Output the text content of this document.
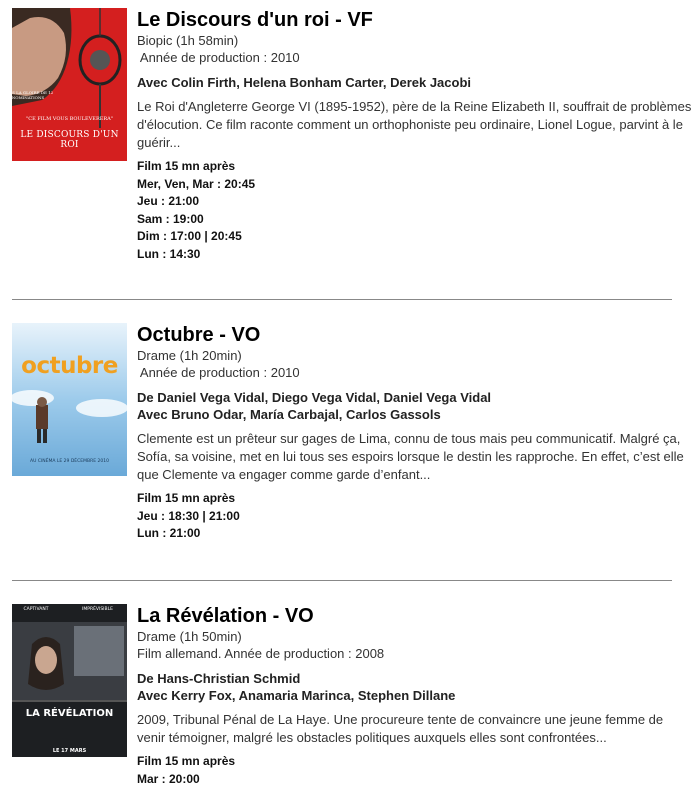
SOUS LA GLOIRE DE 12 NOMINATIONS
"CE FILM VOUS BOULEVERERA"
LE DISCOURS D'UN ROI
Le Discours d'un roi - VF
Biopic (1h 58min)
Année de production : 2010
Avec Colin Firth, Helena Bonham Carter, Derek Jacobi
Le Roi d'Angleterre George VI (1895-1952), père de la Reine Elizabeth II, souffrait de problèmes d'élocution. Ce film raconte comment un orthophoniste peu ordinaire, Lionel Logue, parvint à le guérir...
Film 15 mn après
Mer, Ven, Mar : 20:45
Jeu : 21:00
Sam : 19:00
Dim : 17:00 | 20:45
Lun : 14:30
octubre
AU CINÉMA LE 29 DÉCEMBRE 2010
Octubre - VO
Drame (1h 20min)
Année de production : 2010
De Daniel Vega Vidal, Diego Vega Vidal, Daniel Vega Vidal
Avec Bruno Odar, María Carbajal, Carlos Gassols
Clemente est un prêteur sur gages de Lima, connu de tous mais peu communicatif. Malgré ça, Sofía, sa voisine, met en lui tous ses espoirs lorsque le destin les rapproche. En effet, c’est elle que Clemente va engager comme garde d’enfant...
Film 15 mn après
Jeu : 18:30 | 21:00
Lun : 21:00
CAPTIVANT	IMPRÉVISIBLE
LA RÉVÉLATION
LE 17 MARS
La Révélation - VO
Drame (1h 50min)
Film allemand. Année de production : 2008
De Hans-Christian Schmid
Avec Kerry Fox, Anamaria Marinca, Stephen Dillane
2009, Tribunal Pénal de La Haye. Une procureure tente de convaincre une jeune femme de venir témoigner, malgré les obstacles politiques auxquels elles sont confrontées...
Film 15 mn après
Mar : 20:00
